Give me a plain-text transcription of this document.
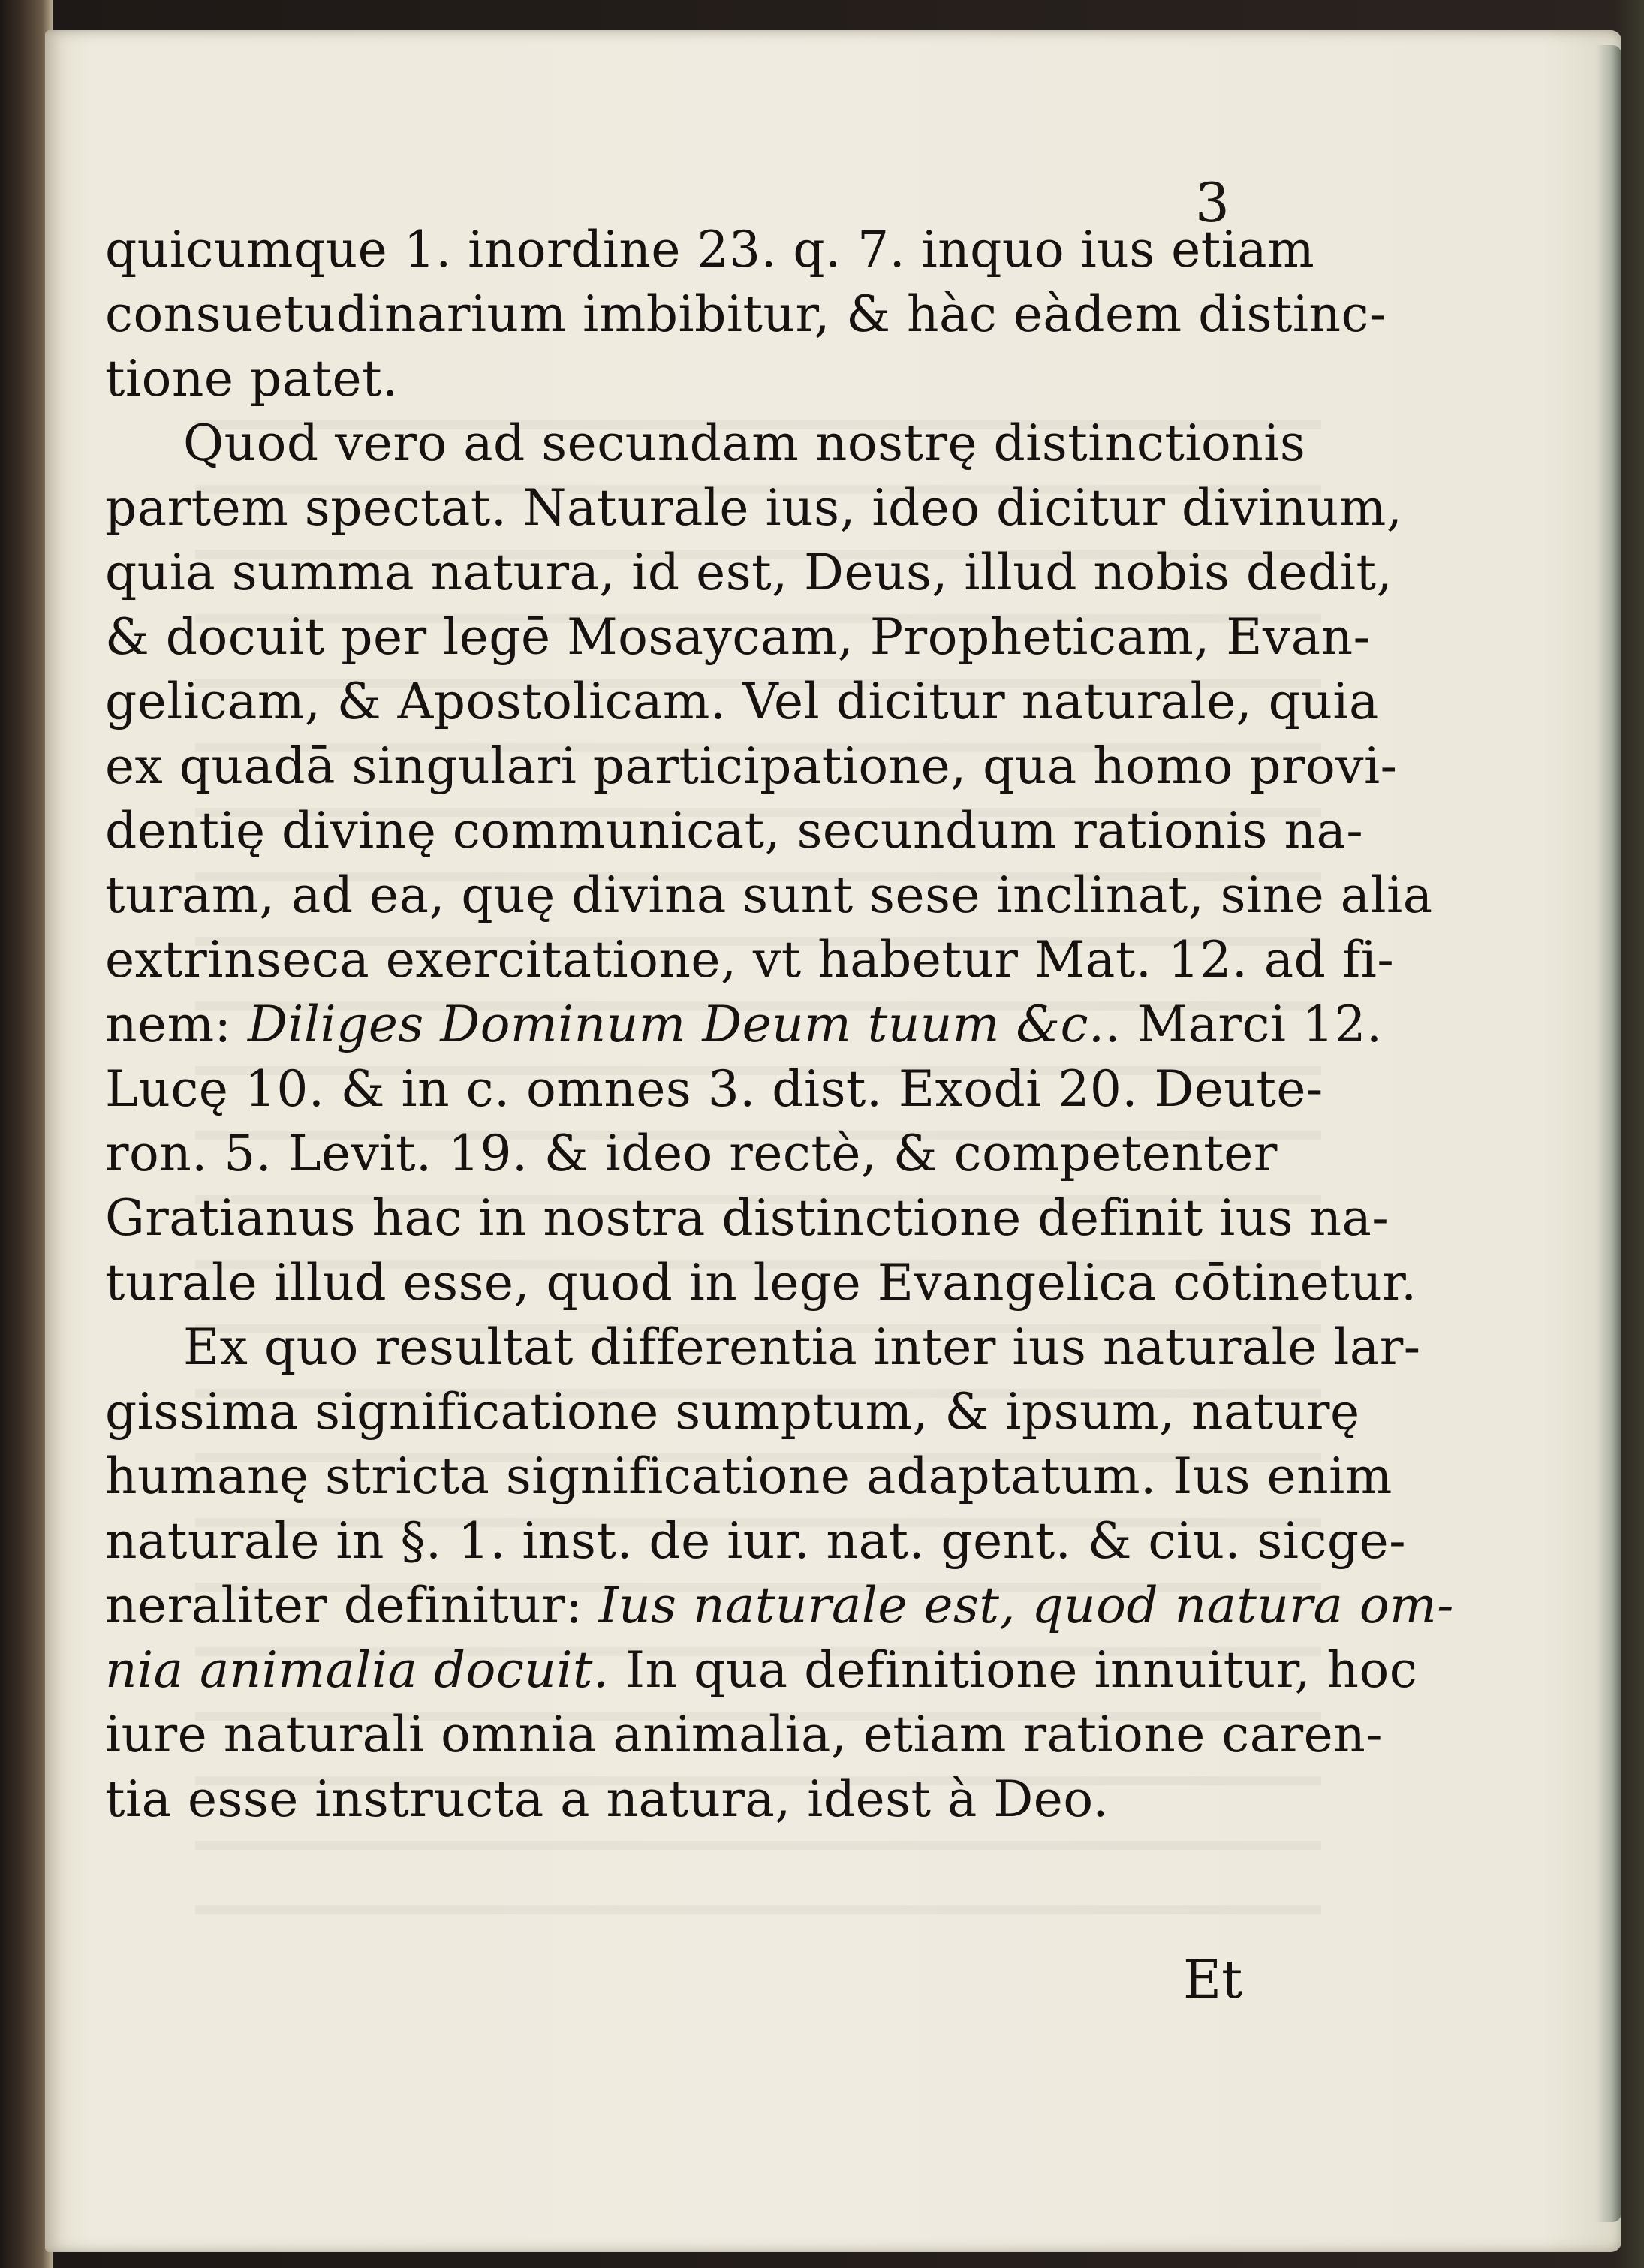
3
quicumque 1. inordine 23. q. 7. inquo ius etiam
consuetudinarium imbibitur, & hàc eàdem distinc-
tione patet.
Quod vero ad secundam nostrę distinctionis
partem spectat. Naturale ius, ideo dicitur divinum,
quia summa natura, id est, Deus, illud nobis dedit,
& docuit per legē Mosaycam, Propheticam, Evan-
gelicam, & Apostolicam. Vel dicitur naturale, quia
ex quadā singulari participatione, qua homo provi-
dentię divinę communicat, secundum rationis na-
turam, ad ea, quę divina sunt sese inclinat, sine alia
extrinseca exercitatione, vt habetur Mat. 12. ad fi-
nem: Diliges Dominum Deum tuum &c.. Marci 12.
Lucę 10. & in c. omnes 3. dist. Exodi 20. Deute-
ron. 5. Levit. 19. & ideo rectè, & competenter
Gratianus hac in nostra distinctione definit ius na-
turale illud esse, quod in lege Evangelica cōtinetur.
Ex quo resultat differentia inter ius naturale lar-
gissima significatione sumptum, & ipsum, naturę
humanę stricta significatione adaptatum. Ius enim
naturale in §. 1. inst. de iur. nat. gent. & ciu. sicge-
neraliter definitur: Ius naturale est, quod natura om-
nia animalia docuit. In qua definitione innuitur, hoc
iure naturali omnia animalia, etiam ratione caren-
tia esse instructa a natura, idest à Deo.
Et
